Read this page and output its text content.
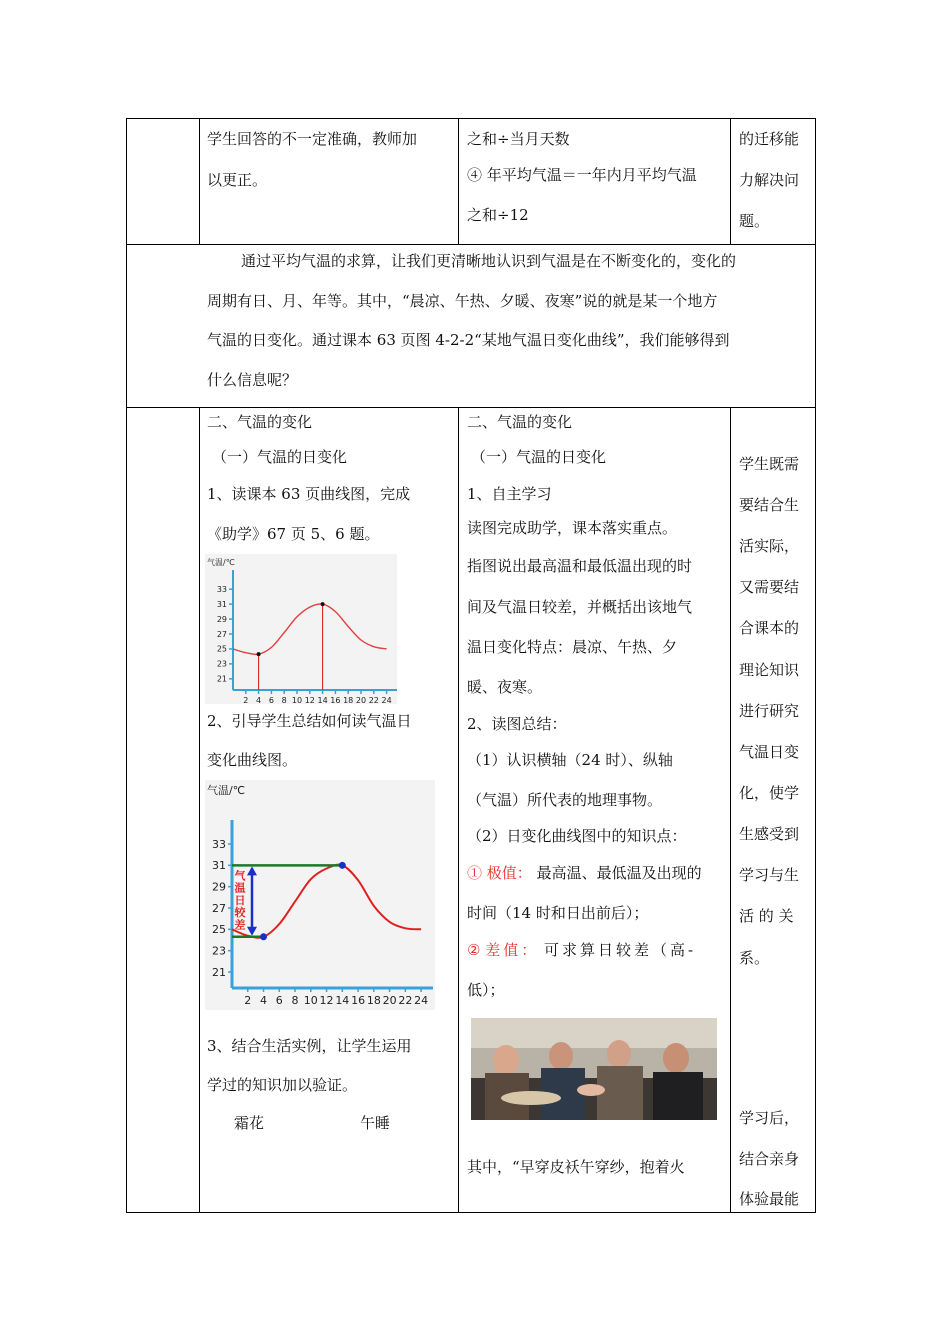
学生回答的不一定准确，教师加
以更正。
之和÷当月天数
④ 年平均气温＝一年内月平均气温
之和÷12
的迁移能
力解决问
题。
通过平均气温的求算，让我们更清晰地认识到气温是在不断变化的，变化的
周期有日、月、年等。其中，“晨凉、午热、夕暖、夜寒”说的就是某一个地方
气温的日变化。通过课本 63 页图 4-2-2“某地气温日变化曲线”，我们能够得到
什么信息呢？
二、气温的变化
（一）气温的日变化
1、读课本 63 页曲线图，完成
《助学》67 页 5、6 题。
气温/℃
21
23
25
27
29
31
33
2 4 6 8 10 12 14 16 18 20 22 24
2、引导学生总结如何读气温日
变化曲线图。
气温/℃
21
23
25
27
29
31
33
2 4 6 8 10 12 14 16 18 20 22 24
气
温
日
较
差
3、结合生活实例，让学生运用
学过的知识加以验证。
霜花	午睡
二、气温的变化
（一）气温的日变化
1、自主学习
读图完成助学，课本落实重点。
指图说出最高温和最低温出现的时
间及气温日较差，并概括出该地气
温日变化特点：晨凉、午热、夕
暖、夜寒。
2、读图总结：
（1）认识横轴（24 时）、纵轴
（气温）所代表的地理事物。
（2）日变化曲线图中的知识点：
① 极值： 最高温、最低温及出现的
时间（14 时和日出前后）；
② 差值： 可求算日较差（高-
低）；
其中，“早穿皮袄午穿纱，抱着火
学生既需
要结合生
活实际，
又需要结
合课本的
理论知识
进行研究
气温日变
化，使学
生感受到
学习与生
活 的 关
系。
学习后，
结合亲身
体验最能
